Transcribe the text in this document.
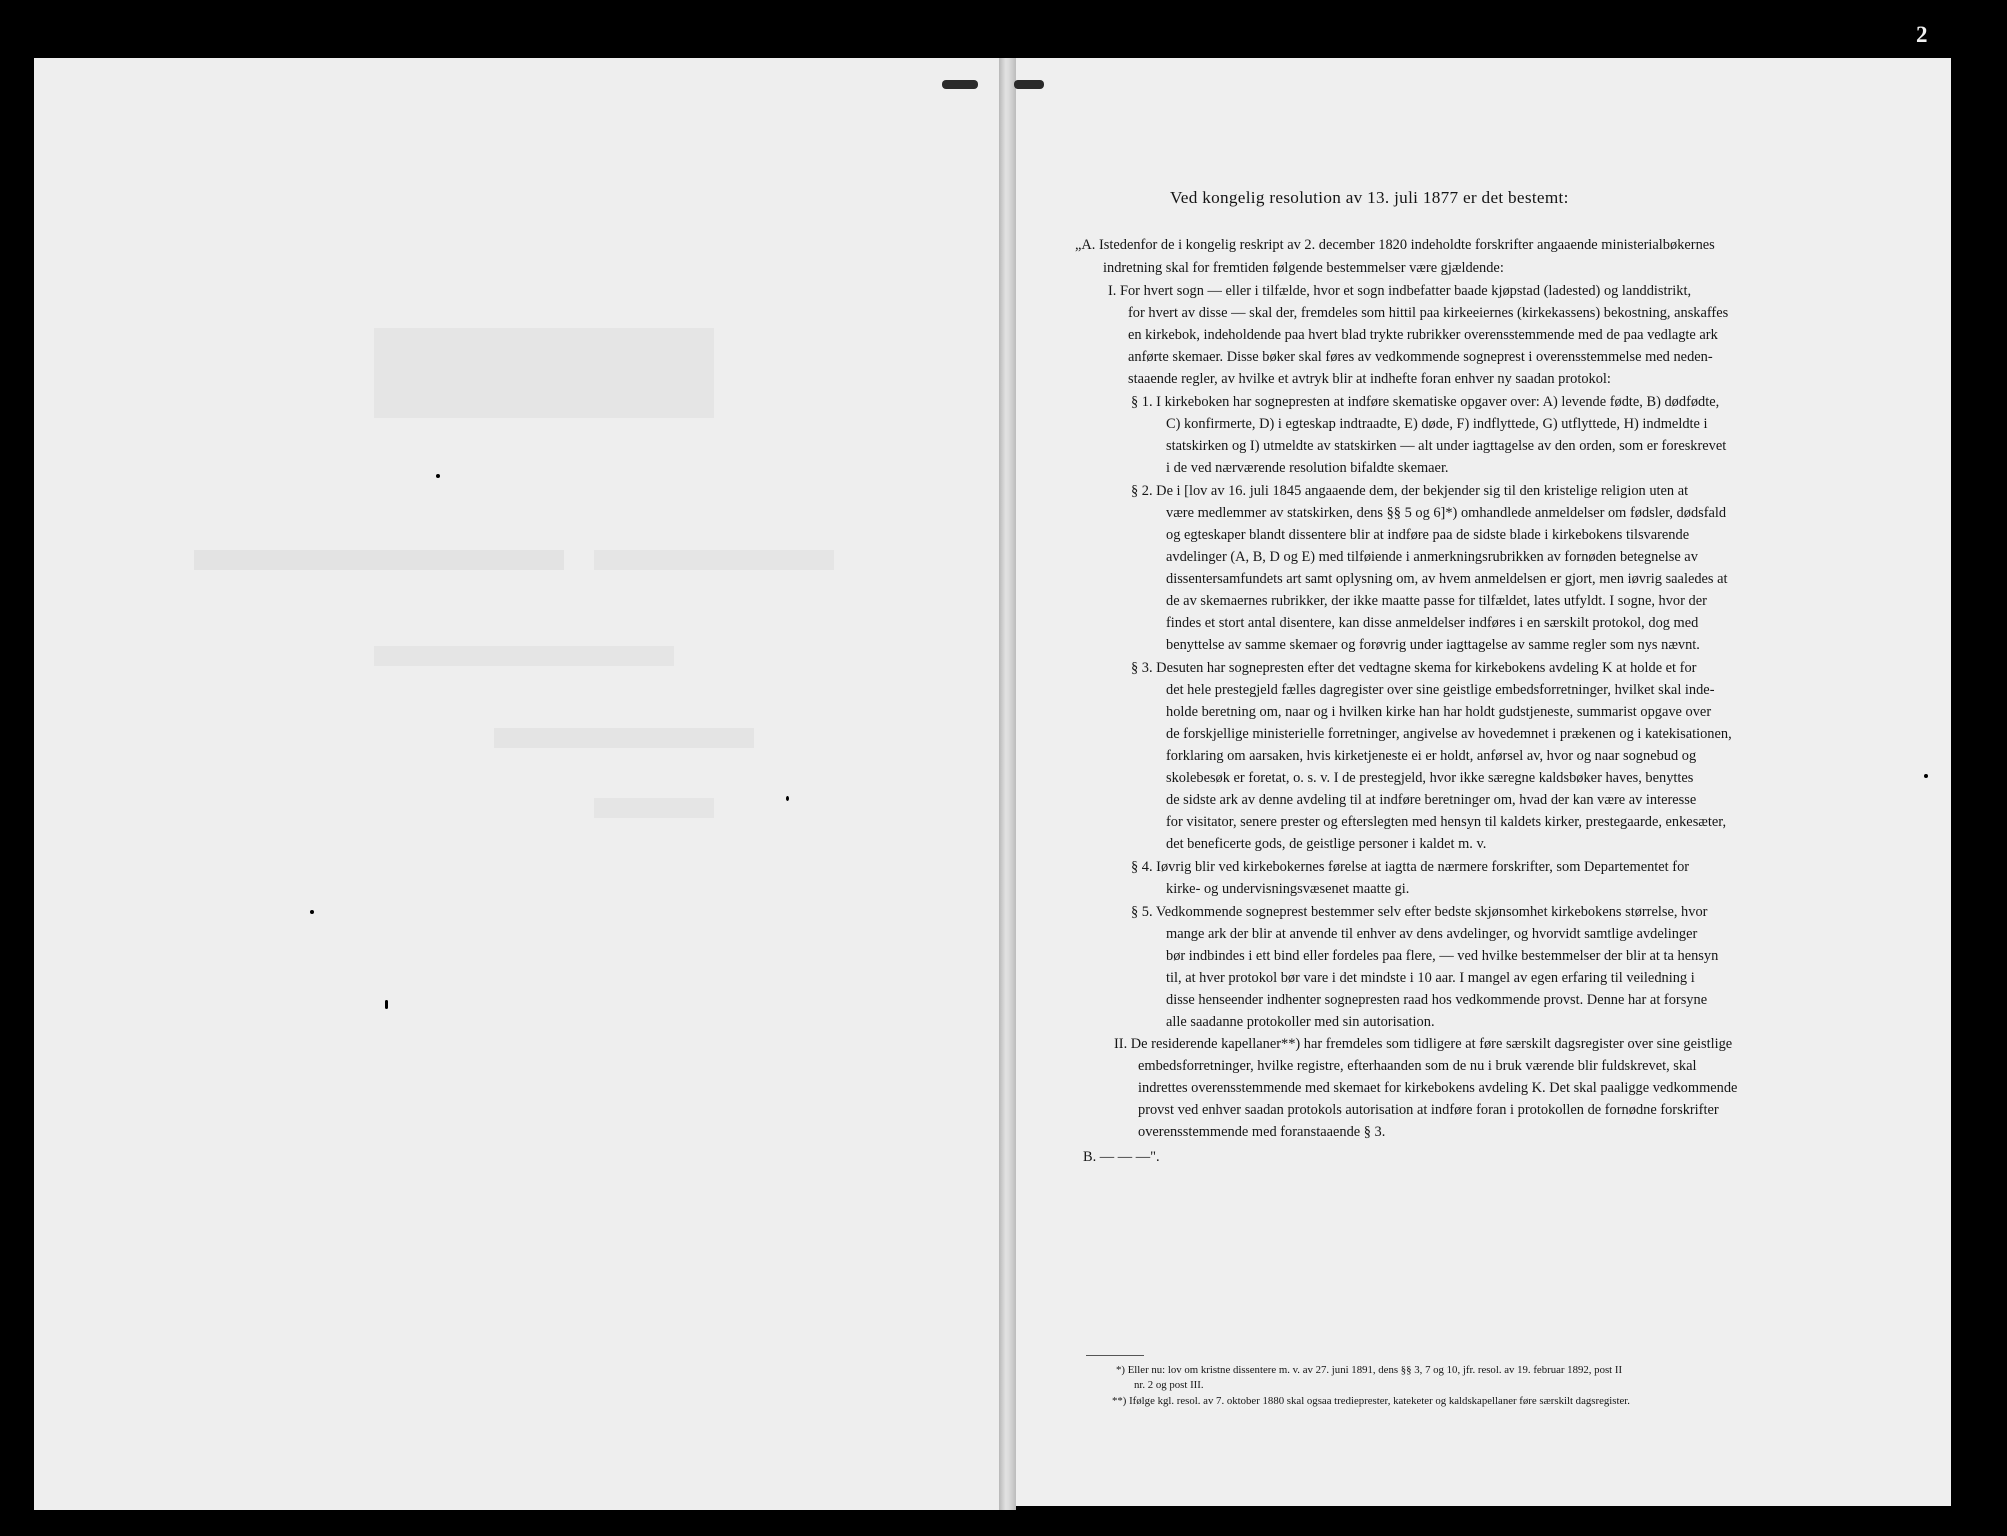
2
Ved kongelig resolution av 13. juli 1877 er det bestemt:
„A. Istedenfor de i kongelig reskript av 2. december 1820 indeholdte forskrifter angaaende ministerialbøkernes
indretning skal for fremtiden følgende bestemmelser være gjældende:
I. For hvert sogn — eller i tilfælde, hvor et sogn indbefatter baade kjøpstad (ladested) og landdistrikt,
for hvert av disse — skal der, fremdeles som hittil paa kirkeeiernes (kirkekassens) bekostning, anskaffes
en kirkebok, indeholdende paa hvert blad trykte rubrikker overensstemmende med de paa vedlagte ark
anførte skemaer. Disse bøker skal føres av vedkommende sogneprest i overensstemmelse med neden-
staaende regler, av hvilke et avtryk blir at indhefte foran enhver ny saadan protokol:
§ 1. I kirkeboken har sognepresten at indføre skematiske opgaver over: A) levende fødte, B) dødfødte,
C) konfirmerte, D) i egteskap indtraadte, E) døde, F) indflyttede, G) utflyttede, H) indmeldte i
statskirken og I) utmeldte av statskirken — alt under iagttagelse av den orden, som er foreskrevet
i de ved nærværende resolution bifaldte skemaer.
§ 2. De i [lov av 16. juli 1845 angaaende dem, der bekjender sig til den kristelige religion uten at
være medlemmer av statskirken, dens §§ 5 og 6]*) omhandlede anmeldelser om fødsler, dødsfald
og egteskaper blandt dissentere blir at indføre paa de sidste blade i kirkebokens tilsvarende
avdelinger (A, B, D og E) med tilføiende i anmerkningsrubrikken av fornøden betegnelse av
dissentersamfundets art samt oplysning om, av hvem anmeldelsen er gjort, men iøvrig saaledes at
de av skemaernes rubrikker, der ikke maatte passe for tilfældet, lates utfyldt. I sogne, hvor der
findes et stort antal disentere, kan disse anmeldelser indføres i en særskilt protokol, dog med
benyttelse av samme skemaer og forøvrig under iagttagelse av samme regler som nys nævnt.
§ 3. Desuten har sognepresten efter det vedtagne skema for kirkebokens avdeling K at holde et for
det hele prestegjeld fælles dagregister over sine geistlige embedsforretninger, hvilket skal inde-
holde beretning om, naar og i hvilken kirke han har holdt gudstjeneste, summarist opgave over
de forskjellige ministerielle forretninger, angivelse av hovedemnet i prækenen og i katekisationen,
forklaring om aarsaken, hvis kirketjeneste ei er holdt, anførsel av, hvor og naar sognebud og
skolebesøk er foretat, o. s. v. I de prestegjeld, hvor ikke særegne kaldsbøker haves, benyttes
de sidste ark av denne avdeling til at indføre beretninger om, hvad der kan være av interesse
for visitator, senere prester og efterslegten med hensyn til kaldets kirker, prestegaarde, enkesæter,
det beneficerte gods, de geistlige personer i kaldet m. v.
§ 4. Iøvrig blir ved kirkebokernes førelse at iagtta de nærmere forskrifter, som Departementet for
kirke- og undervisningsvæsenet maatte gi.
§ 5. Vedkommende sogneprest bestemmer selv efter bedste skjønsomhet kirkebokens størrelse, hvor
mange ark der blir at anvende til enhver av dens avdelinger, og hvorvidt samtlige avdelinger
bør indbindes i ett bind eller fordeles paa flere, — ved hvilke bestemmelser der blir at ta hensyn
til, at hver protokol bør vare i det mindste i 10 aar. I mangel av egen erfaring til veiledning i
disse henseender indhenter sognepresten raad hos vedkommende provst. Denne har at forsyne
alle saadanne protokoller med sin autorisation.
II. De residerende kapellaner**) har fremdeles som tidligere at føre særskilt dagsregister over sine geistlige
embedsforretninger, hvilke registre, efterhaanden som de nu i bruk værende blir fuldskrevet, skal
indrettes overensstemmende med skemaet for kirkebokens avdeling K. Det skal paaligge vedkommende
provst ved enhver saadan protokols autorisation at indføre foran i protokollen de fornødne forskrifter
overensstemmende med foranstaaende § 3.
B. — — —".
*) Eller nu: lov om kristne dissentere m. v. av 27. juni 1891, dens §§ 3, 7 og 10, jfr. resol. av 19. februar 1892, post II
nr. 2 og post III.
**) Ifølge kgl. resol. av 7. oktober 1880 skal ogsaa tredieprester, kateketer og kaldskapellaner føre særskilt dagsregister.
